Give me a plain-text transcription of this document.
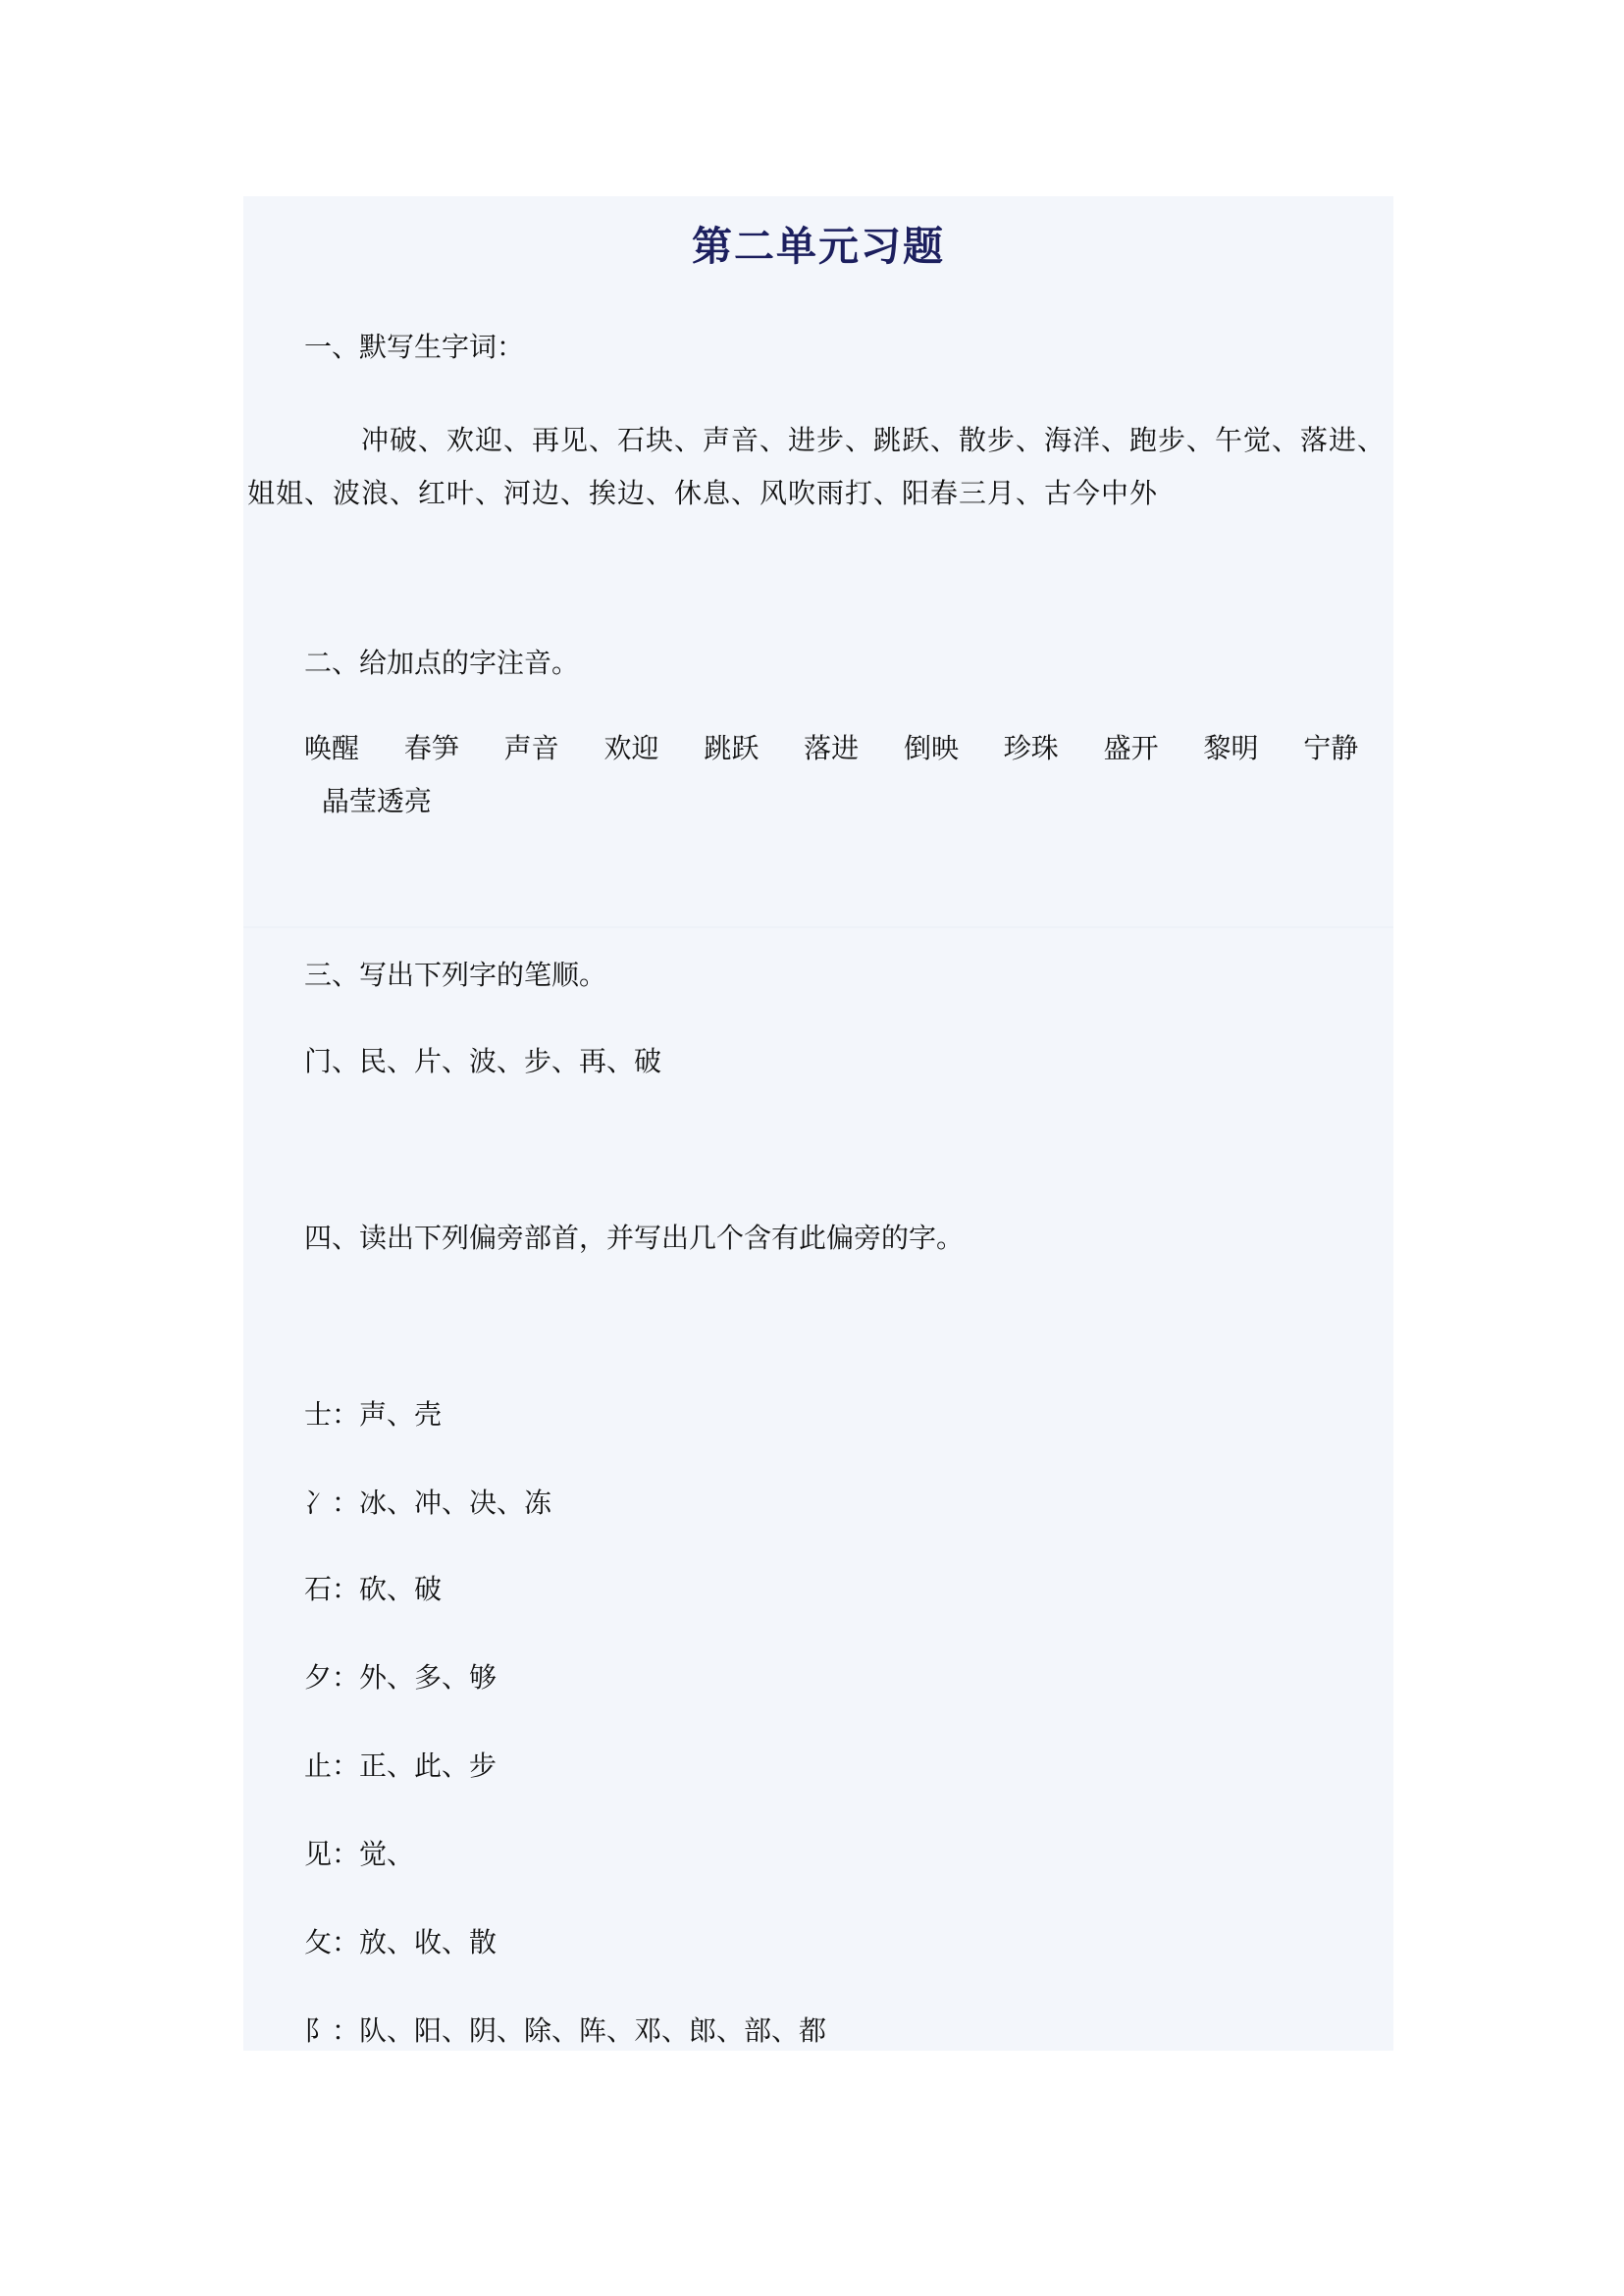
第二单元习题
一、默写生字词：
冲破、欢迎、再见、石块、声音、进步、跳跃、散步、海洋、跑步、午觉、落进、姐姐、波浪、红叶、河边、挨边、休息、风吹雨打、阳春三月、古今中外
二、给加点的字注音。
唤醒　 春笋　 声音　 欢迎　 跳跃　 落进　 倒映　 珍珠　 盛开　 黎明　 宁静　  晶莹透亮
三、写出下列字的笔顺。
门、民、片、波、步、再、破
四、读出下列偏旁部首，并写出几个含有此偏旁的字。
士：声、壳
冫：冰、冲、决、冻
石：砍、破
夕：外、多、够
止：正、此、步
见：觉、
攵：放、收、散
阝：队、阳、阴、除、阵、邓、郎、部、都
